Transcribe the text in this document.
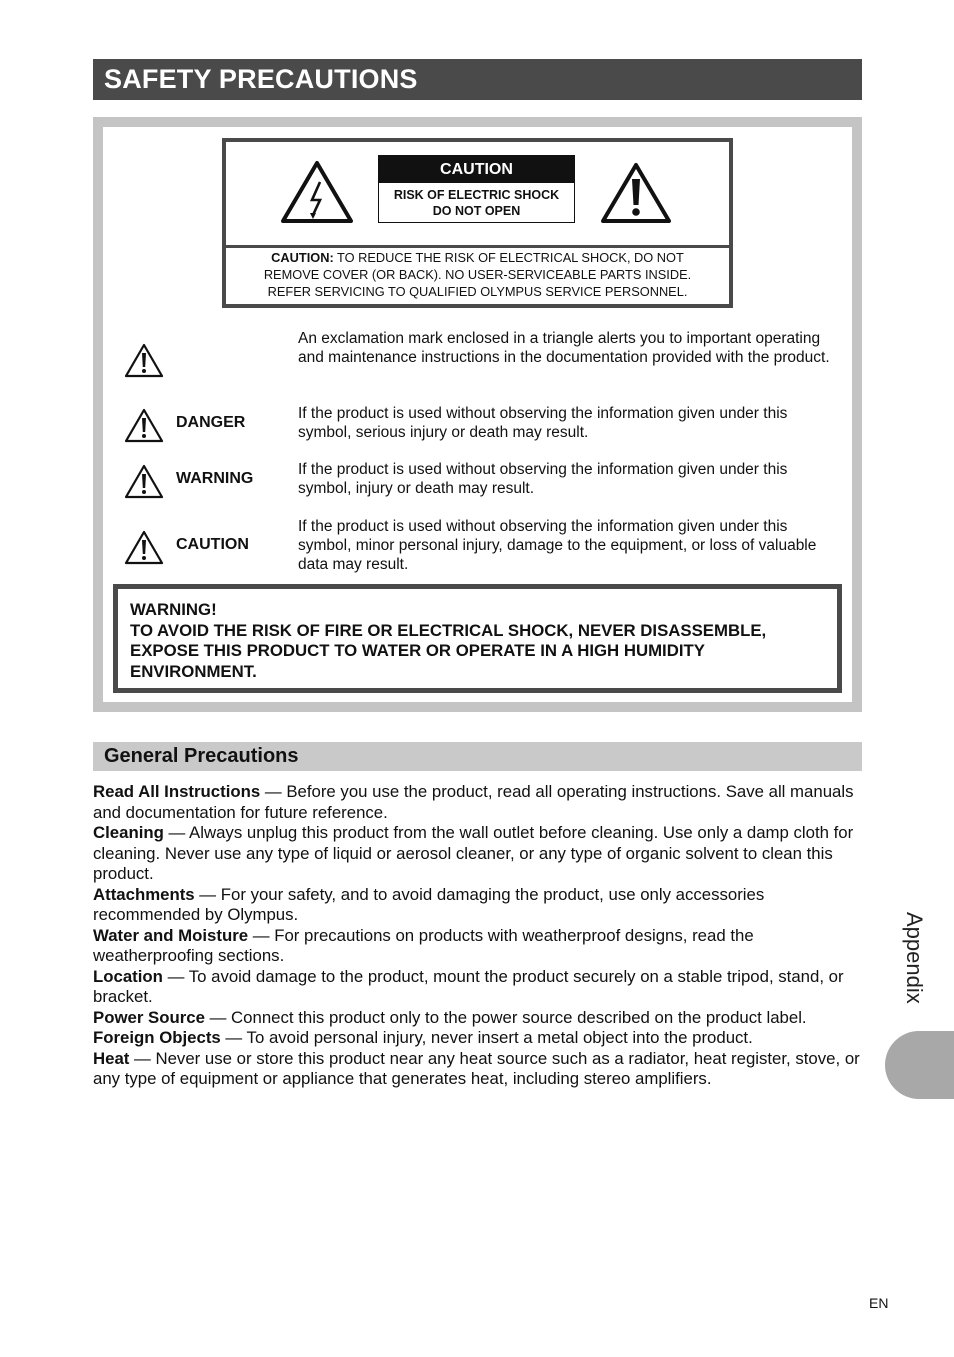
SAFETY PRECAUTIONS
CAUTION
RISK OF ELECTRIC SHOCK
DO NOT OPEN
CAUTION: TO REDUCE THE RISK OF ELECTRICAL SHOCK, DO NOT
REMOVE COVER (OR BACK). NO USER-SERVICEABLE PARTS INSIDE.
REFER SERVICING TO QUALIFIED OLYMPUS SERVICE PERSONNEL.
An exclamation mark enclosed in a triangle alerts you to important operating and maintenance instructions in the documentation provided with the product.
DANGER
If the product is used without observing the information given under this symbol, serious injury or death may result.
WARNING
If the product is used without observing the information given under this symbol, injury or death may result.
CAUTION
If the product is used without observing the information given under this symbol, minor personal injury, damage to the equipment, or loss of valuable data may result.
WARNING!
TO AVOID THE RISK OF FIRE OR ELECTRICAL SHOCK, NEVER DISASSEMBLE,
EXPOSE THIS PRODUCT TO WATER OR OPERATE IN A HIGH HUMIDITY
ENVIRONMENT.
General Precautions

Read All Instructions — Before you use the product, read all operating instructions. Save all manuals and documentation for future reference.

Cleaning — Always unplug this product from the wall outlet before cleaning. Use only a damp cloth for cleaning. Never use any type of liquid or aerosol cleaner, or any type of organic solvent to clean this product.

Attachments — For your safety, and to avoid damaging the product, use only accessories recommended by Olympus.

Water and Moisture — For precautions on products with weatherproof designs, read the weatherproofing sections.

Location — To avoid damage to the product, mount the product securely on a stable tripod, stand, or bracket.

Power Source — Connect this product only to the power source described on the product label.

Foreign Objects — To avoid personal injury, never insert a metal object into the product.

Heat — Never use or store this product near any heat source such as a radiator, heat register, stove, or any type of equipment or appliance that generates heat, including stereo amplifiers.

Appendix
EN
